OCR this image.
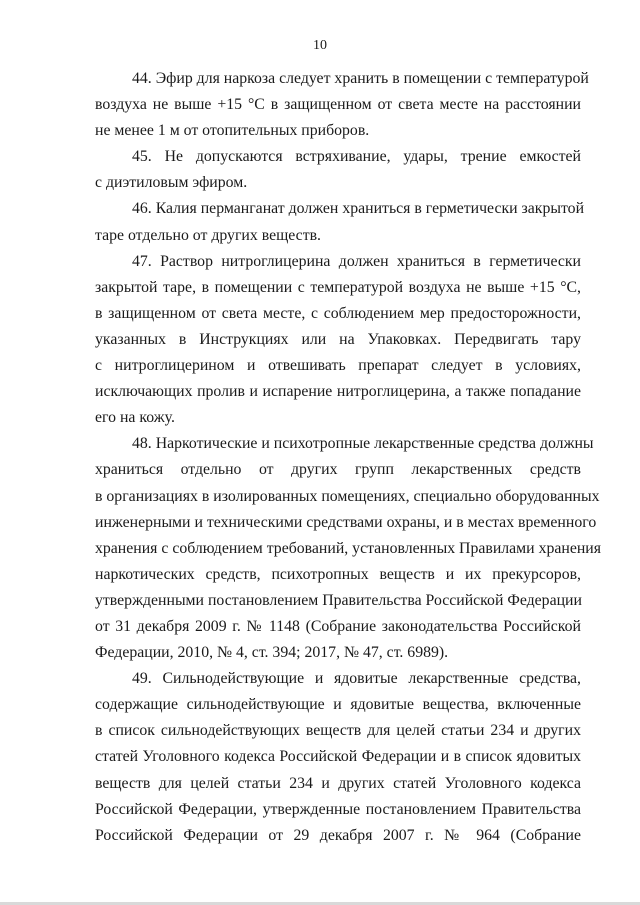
10

44. Эфир для наркоза следует хранить в помещении с температурой

воздуха не выше +15 °С в защищенном от света месте на расстоянии

не менее 1 м от отопительных приборов.

45. Не допускаются встряхивание, удары, трение емкостей

с диэтиловым эфиром.

46. Калия перманганат должен храниться в герметически закрытой

таре отдельно от других веществ.

47. Раствор нитроглицерина должен храниться в герметически

закрытой таре, в помещении с температурой воздуха не выше +15 °С,

в защищенном от света месте, с соблюдением мер предосторожности,

указанных в Инструкциях или на Упаковках. Передвигать тару

с нитроглицерином и отвешивать препарат следует в условиях,

исключающих пролив и испарение нитроглицерина, а также попадание

его на кожу.

48. Наркотические и психотропные лекарственные средства должны

храниться отдельно от других групп лекарственных средств

в организациях в изолированных помещениях, специально оборудованных

инженерными и техническими средствами охраны, и в местах временного

хранения с соблюдением требований, установленных Правилами хранения

наркотических средств, психотропных веществ и их прекурсоров,

утвержденными постановлением Правительства Российской Федерации

от 31 декабря 2009 г. № 1148 (Собрание законодательства Российской

Федерации, 2010, № 4, ст. 394; 2017, № 47, ст. 6989).

49. Сильнодействующие и ядовитые лекарственные средства,

содержащие сильнодействующие и ядовитые вещества, включенные

в список сильнодействующих веществ для целей статьи 234 и других

статей Уголовного кодекса Российской Федерации и в список ядовитых

веществ для целей статьи 234 и других статей Уголовного кодекса

Российской Федерации, утвержденные постановлением Правительства

Российской Федерации от 29 декабря 2007 г. № 964 (Собрание
